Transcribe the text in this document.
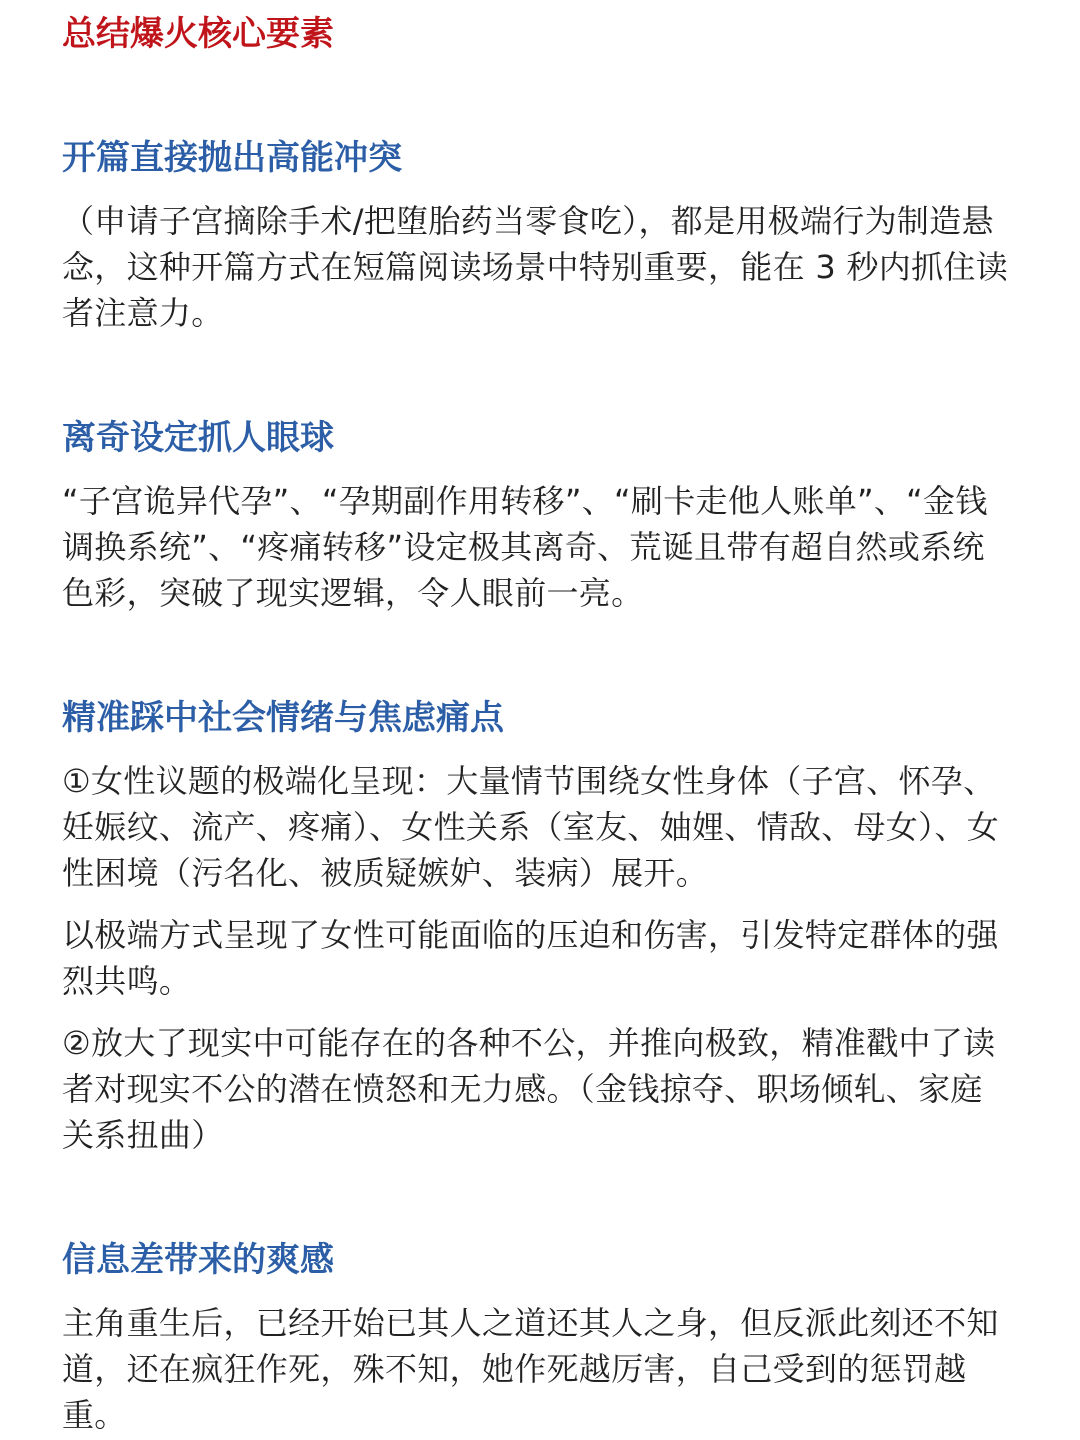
总结爆火核心要素
开篇直接抛出高能冲突

（申请子宫摘除手术/把堕胎药当零食吃），都是用极端行为制造悬念，这种开篇方式在短篇阅读场景中特别重要，能在 3 秒内抓住读者注意力。

离奇设定抓人眼球

“子宫诡异代孕”、“孕期副作用转移”、“刷卡走他人账单”、“金钱调换系统”、“疼痛转移”设定极其离奇、荒诞且带有超自然或系统色彩，突破了现实逻辑，令人眼前一亮。

精准踩中社会情绪与焦虑痛点

①女性议题的极端化呈现：大量情节围绕女性身体（子宫、怀孕、妊娠纹、流产、疼痛）、女性关系（室友、妯娌、情敌、母女）、女性困境（污名化、被质疑嫉妒、装病）展开。

以极端方式呈现了女性可能面临的压迫和伤害，引发特定群体的强烈共鸣。

②放大了现实中可能存在的各种不公，并推向极致，精准戳中了读者对现实不公的潜在愤怒和无力感。（金钱掠夺、职场倾轧、家庭关系扭曲）

信息差带来的爽感

主角重生后，已经开始已其人之道还其人之身，但反派此刻还不知道，还在疯狂作死，殊不知，她作死越厉害，自己受到的惩罚越重。
